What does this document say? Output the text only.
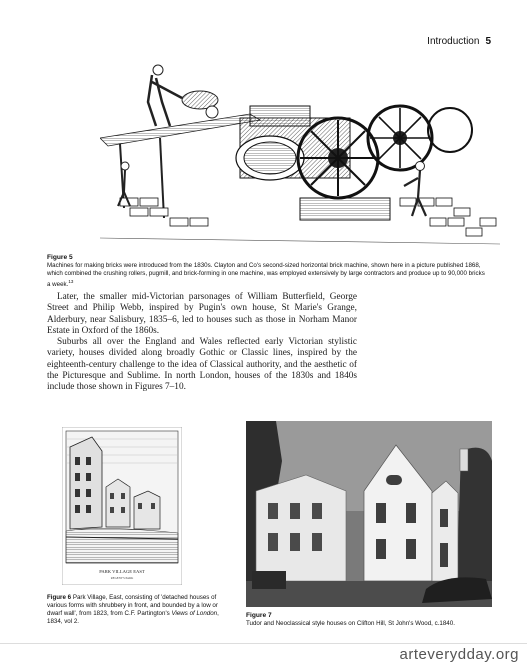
Introduction 5
Figure 5
Machines for making bricks were introduced from the 1830s. Clayton and Co's second-sized horizontal brick machine, shown here in a picture published 1868, which combined the crushing rollers, pugmill, and brick-forming in one machine, was employed extensively by large contractors and produce up to 90,000 bricks a week.$^{13}$

Later, the smaller mid-Victorian parsonages of William Butterfield, George Street and Philip Webb, inspired by Pugin's own house, St Marie's Grange, Alderbury, near Salisbury, 1835–6, led to houses such as those in Norham Manor Estate in Oxford of the 1860s.

Suburbs all over the England and Wales reflected early Victorian stylistic variety, houses divided along broadly Gothic or Classic lines, inspired by the eighteenth-century challenge to the idea of Classical authority, and the aesthetic of the Picturesque and Sublime. In north London, houses of the 1830s and 1840s include those shown in Figures 7–10.

PARK VILLAGE EAST
REGENT'S PARK
Figure 6 Park Village, East, consisting of 'detached houses of various forms with shrubbery in front, and bounded by a low or dwarf wall', from 1823, from C.F. Partington's Views of London, 1834, vol 2.
Figure 7
Tudor and Neoclassical style houses on Clifton Hill, St John's Wood, c.1840.
arteverydday.org
